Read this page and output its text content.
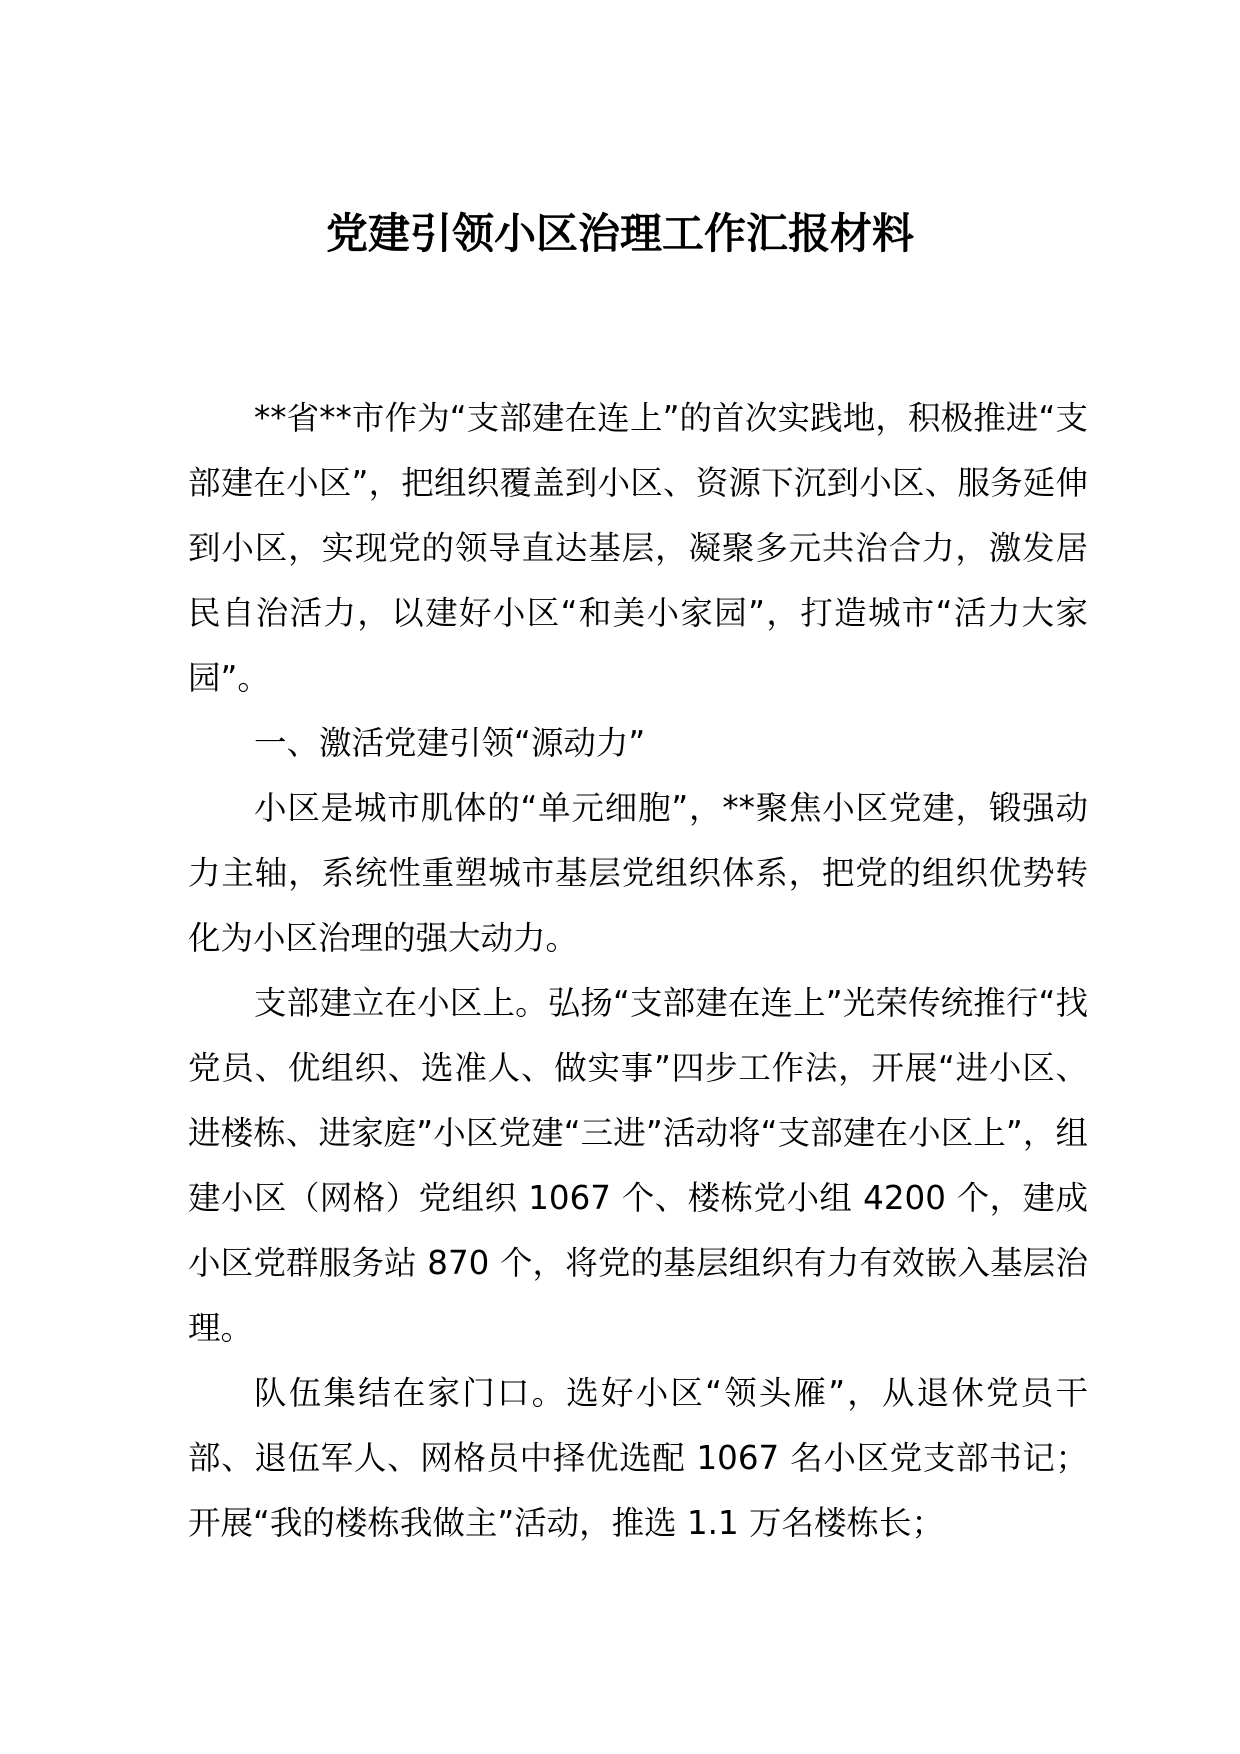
党建引领小区治理工作汇报材料

**省**市作为“支部建在连上”的首次实践地，积极推进“支部建在小区”，把组织覆盖到小区、资源下沉到小区、服务延伸到小区，实现党的领导直达基层，凝聚多元共治合力，激发居民自治活力，以建好小区“和美小家园”，打造城市“活力大家园”。

一、激活党建引领“源动力”

小区是城市肌体的“单元细胞”，**聚焦小区党建，锻强动力主轴，系统性重塑城市基层党组织体系，把党的组织优势转化为小区治理的强大动力。

支部建立在小区上。弘扬“支部建在连上”光荣传统推行“找党员、优组织、选准人、做实事”四步工作法，开展“进小区、进楼栋、进家庭”小区党建“三进”活动将“支部建在小区上”，组建小区（网格）党组织 1067 个、楼栋党小组 4200 个，建成小区党群服务站 870 个，将党的基层组织有力有效嵌入基层治理。

队伍集结在家门口。选好小区“领头雁”，从退休党员干部、退伍军人、网格员中择优选配 1067 名小区党支部书记；开展“我的楼栋我做主”活动，推选 1.1 万名楼栋长；
